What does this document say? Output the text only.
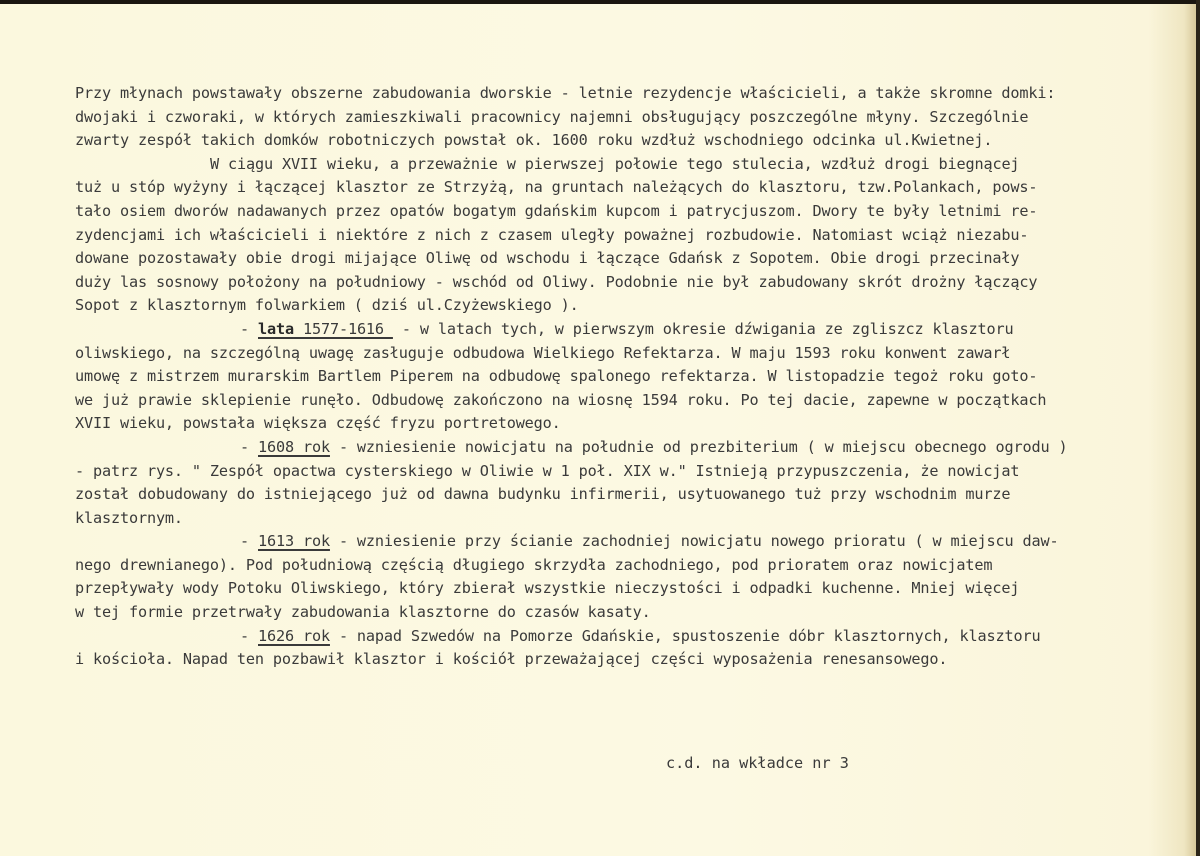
Przy młynach powstawały obszerne zabudowania dworskie - letnie rezydencje właścicieli, a także skromne domki:
dwojaki i czworaki, w których zamieszkiwali pracownicy najemni obsługujący poszczególne młyny. Szczególnie
zwarty zespół takich domków robotniczych powstał ok. 1600 roku wzdłuż wschodniego odcinka ul.Kwietnej.
W ciągu XVII wieku, a przeważnie w pierwszej połowie tego stulecia, wzdłuż drogi biegnącej
tuż u stóp wyżyny i łączącej klasztor ze Strzyżą, na gruntach należących do klasztoru, tzw.Polankach, pows-
tało osiem dworów nadawanych przez opatów bogatym gdańskim kupcom i patrycjuszom. Dwory te były letnimi re-
zydencjami ich właścicieli i niektóre z nich z czasem uległy poważnej rozbudowie. Natomiast wciąż niezabu-
dowane pozostawały obie drogi mijające Oliwę od wschodu i łączące Gdańsk z Sopotem. Obie drogi przecinały
duży las sosnowy położony na południowy - wschód od Oliwy. Podobnie nie był zabudowany skrót drożny łączący
Sopot z klasztornym folwarkiem ( dziś ul.Czyżewskiego ).
- lata 1577-1616  - w latach tych, w pierwszym okresie dźwigania ze zgliszcz klasztoru
oliwskiego, na szczególną uwagę zasługuje odbudowa Wielkiego Refektarza. W maju 1593 roku konwent zawarł
umowę z mistrzem murarskim Bartlem Piperem na odbudowę spalonego refektarza. W listopadzie tegoż roku goto-
we już prawie sklepienie runęło. Odbudowę zakończono na wiosnę 1594 roku. Po tej dacie, zapewne w początkach
XVII wieku, powstała większa część fryzu portretowego.
- 1608 rok - wzniesienie nowicjatu na południe od prezbiterium ( w miejscu obecnego ogrodu )
- patrz rys. " Zespół opactwa cysterskiego w Oliwie w 1 poł. XIX w." Istnieją przypuszczenia, że nowicjat
został dobudowany do istniejącego już od dawna budynku infirmerii, usytuowanego tuż przy wschodnim murze
klasztornym.
- 1613 rok - wzniesienie przy ścianie zachodniej nowicjatu nowego prioratu ( w miejscu daw-
nego drewnianego). Pod południową częścią długiego skrzydła zachodniego, pod prioratem oraz nowicjatem
przepływały wody Potoku Oliwskiego, który zbierał wszystkie nieczystości i odpadki kuchenne. Mniej więcej
w tej formie przetrwały zabudowania klasztorne do czasów kasaty.
- 1626 rok - napad Szwedów na Pomorze Gdańskie, spustoszenie dóbr klasztornych, klasztoru
i kościoła. Napad ten pozbawił klasztor i kościół przeważającej części wyposażenia renesansowego.
c.d. na wkładce nr 3
